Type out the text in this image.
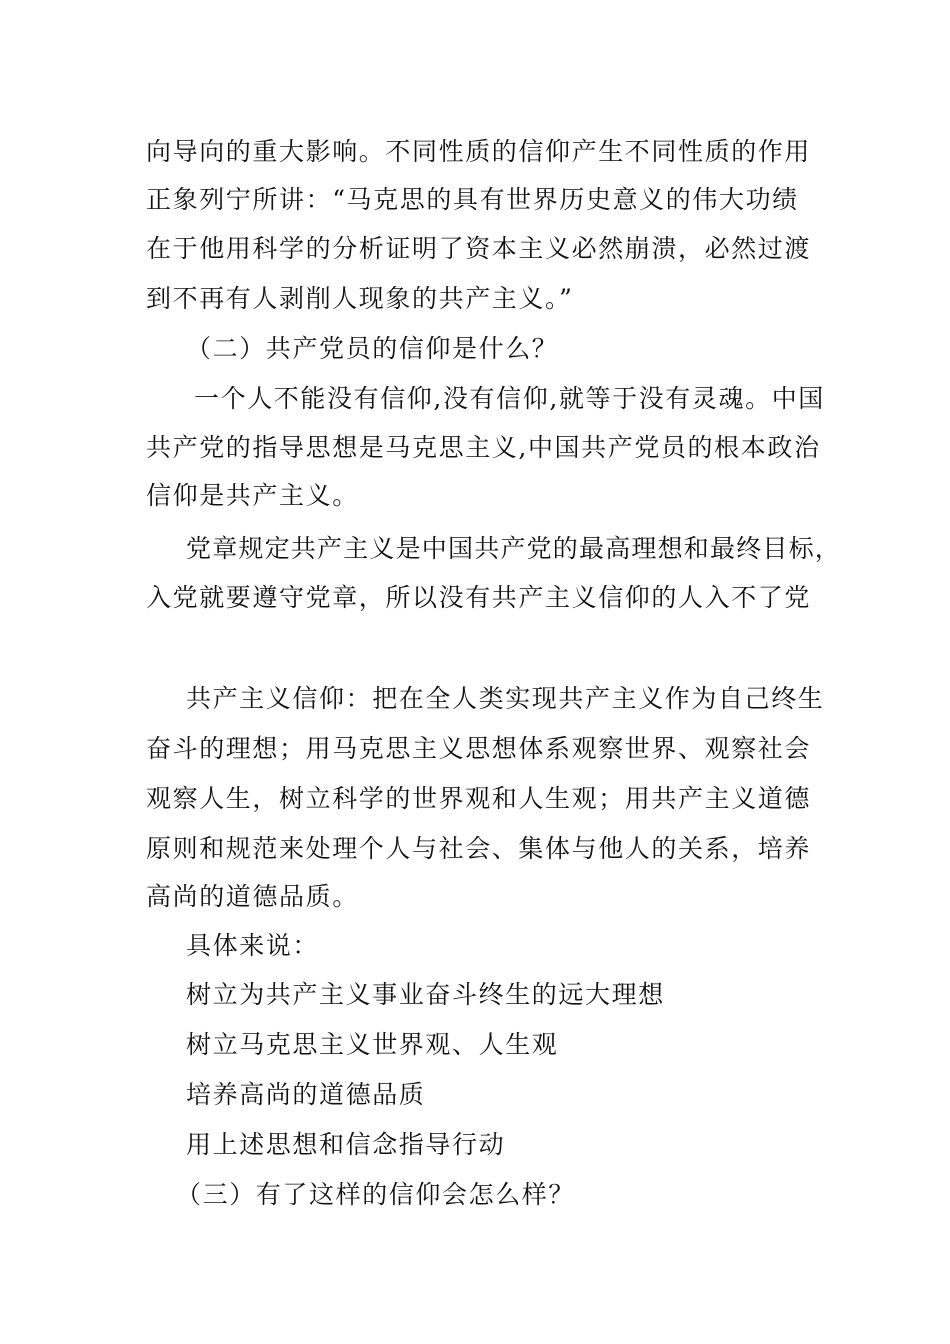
向导向的重大影响。不同性质的信仰产生不同性质的作用
正象列宁所讲：“马克思的具有世界历史意义的伟大功绩
在于他用科学的分析证明了资本主义必然崩溃，必然过渡
到不再有人剥削人现象的共产主义。”
（二）共产党员的信仰是什么？
一个人不能没有信仰,没有信仰,就等于没有灵魂。中国
共产党的指导思想是马克思主义,中国共产党员的根本政治
信仰是共产主义。
党章规定共产主义是中国共产党的最高理想和最终目标，
入党就要遵守党章，所以没有共产主义信仰的人入不了党
共产主义信仰：把在全人类实现共产主义作为自己终生
奋斗的理想；用马克思主义思想体系观察世界、观察社会
观察人生，树立科学的世界观和人生观；用共产主义道德
原则和规范来处理个人与社会、集体与他人的关系，培养
高尚的道德品质。
具体来说：
树立为共产主义事业奋斗终生的远大理想
树立马克思主义世界观、人生观
培养高尚的道德品质
用上述思想和信念指导行动
（三）有了这样的信仰会怎么样？
